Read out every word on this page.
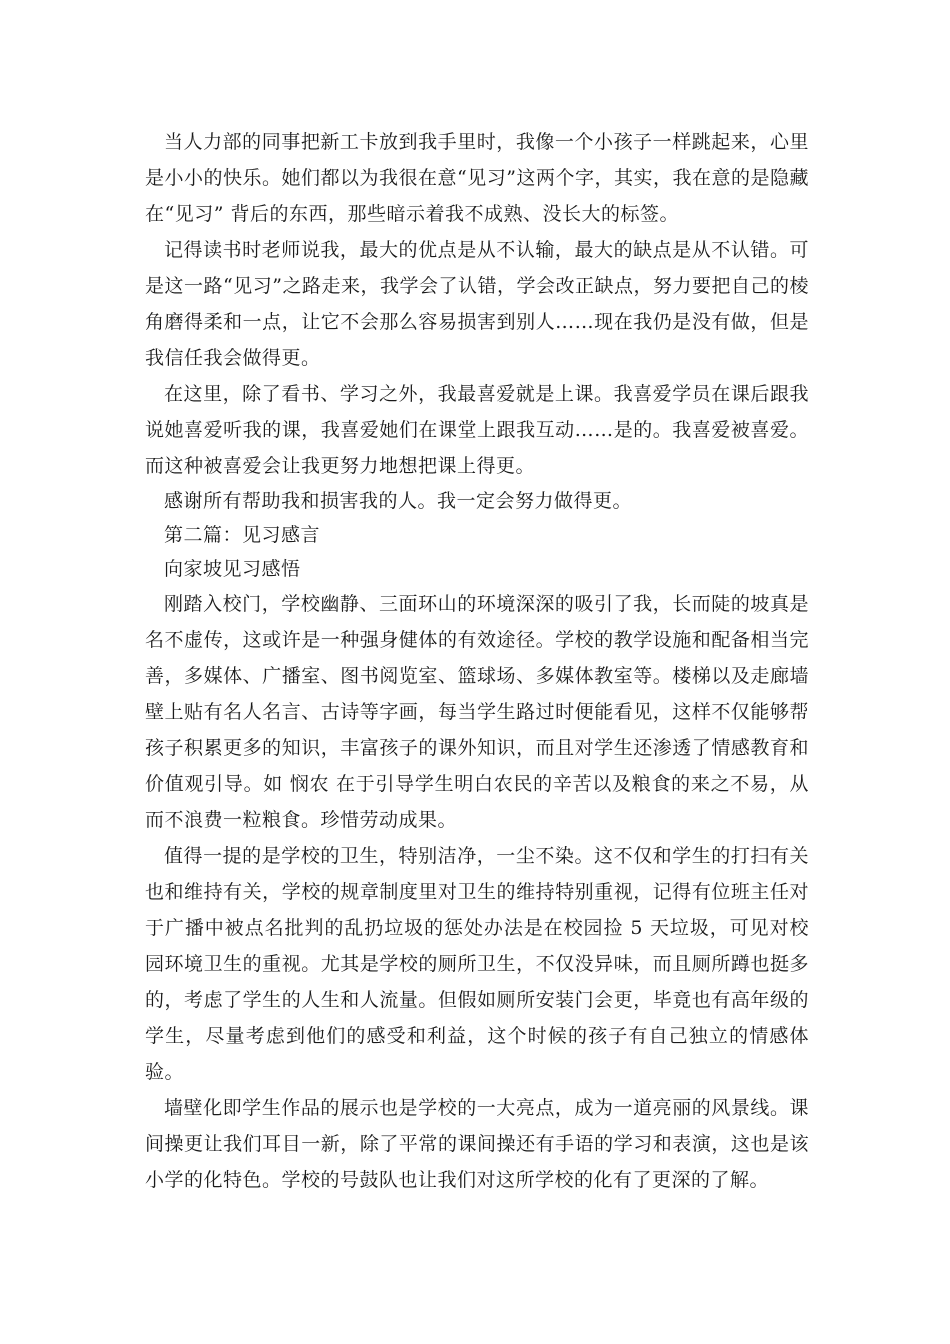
当人力部的同事把新工卡放到我手里时，我像一个小孩子一样跳起来，心里是小小的快乐。她们都以为我很在意“见习”这两个字，其实，我在意的是隐藏在“见习” 背后的东西，那些暗示着我不成熟、没长大的标签。

记得读书时老师说我，最大的优点是从不认输，最大的缺点是从不认错。可是这一路“见习”之路走来，我学会了认错，学会改正缺点，努力要把自己的棱角磨得柔和一点，让它不会那么容易损害到别人……现在我仍是没有做，但是我信任我会做得更。

在这里，除了看书、学习之外，我最喜爱就是上课。我喜爱学员在课后跟我说她喜爱听我的课，我喜爱她们在课堂上跟我互动……是的。我喜爱被喜爱。而这种被喜爱会让我更努力地想把课上得更。

感谢所有帮助我和损害我的人。我一定会努力做得更。

第二篇：见习感言

向家坡见习感悟

刚踏入校门，学校幽静、三面环山的环境深深的吸引了我，长而陡的坡真是名不虚传，这或许是一种强身健体的有效途径。学校的教学设施和配备相当完善，多媒体、广播室、图书阅览室、篮球场、多媒体教室等。楼梯以及走廊墙壁上贴有名人名言、古诗等字画，每当学生路过时便能看见，这样不仅能够帮孩子积累更多的知识，丰富孩子的课外知识，而且对学生还渗透了情感教育和价值观引导。如 悯农 在于引导学生明白农民的辛苦以及粮食的来之不易，从而不浪费一粒粮食。珍惜劳动成果。

值得一提的是学校的卫生，特别洁净，一尘不染。这不仅和学生的打扫有关也和维持有关，学校的规章制度里对卫生的维持特别重视，记得有位班主任对于广播中被点名批判的乱扔垃圾的惩处办法是在校园捡 5 天垃圾，可见对校园环境卫生的重视。尤其是学校的厕所卫生，不仅没异味，而且厕所蹲也挺多的，考虑了学生的人生和人流量。但假如厕所安装门会更，毕竟也有高年级的学生，尽量考虑到他们的感受和利益，这个时候的孩子有自己独立的情感体验。

墙壁化即学生作品的展示也是学校的一大亮点，成为一道亮丽的风景线。课间操更让我们耳目一新，除了平常的课间操还有手语的学习和表演，这也是该小学的化特色。学校的号鼓队也让我们对这所学校的化有了更深的了解。
